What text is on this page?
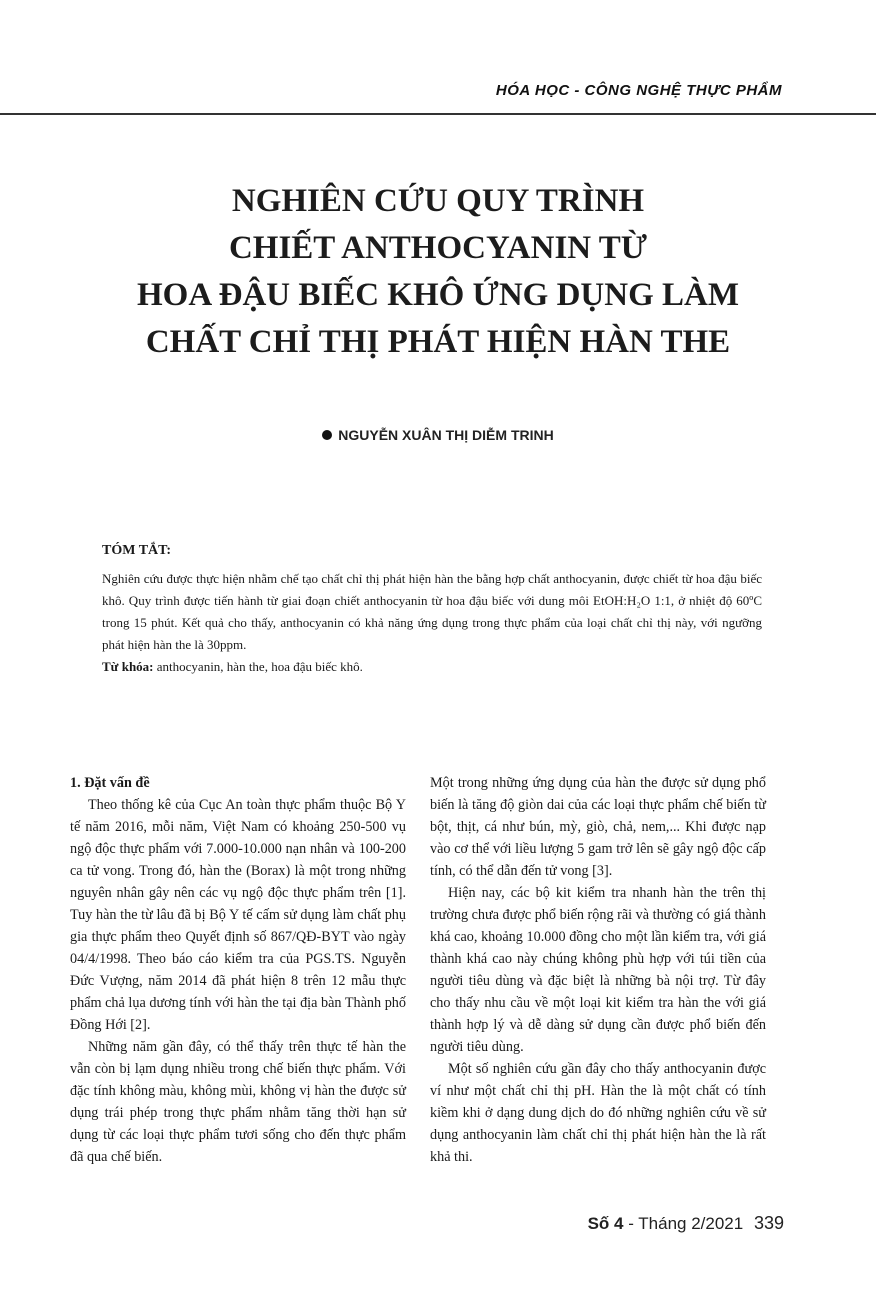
HÓA HỌC - CÔNG NGHỆ THỰC PHẨM
NGHIÊN CỨU QUY TRÌNH
CHIẾT ANTHOCYANIN TỪ
HOA ĐẬU BIẾC KHÔ ỨNG DỤNG LÀM
CHẤT CHỈ THỊ PHÁT HIỆN HÀN THE
NGUYỄN XUÂN THỊ DIỄM TRINH
TÓM TẮT:

Nghiên cứu được thực hiện nhằm chế tạo chất chỉ thị phát hiện hàn the bằng hợp chất anthocyanin, được chiết từ hoa đậu biếc khô. Quy trình được tiến hành từ giai đoạn chiết anthocyanin từ hoa đậu biếc với dung môi EtOH:H₂O 1:1, ở nhiệt độ 60ºC trong 15 phút. Kết quả cho thấy, anthocyanin có khả năng ứng dụng trong thực phẩm của loại chất chỉ thị này, với ngưỡng phát hiện hàn the là 30ppm.

Từ khóa: anthocyanin, hàn the, hoa đậu biếc khô.

1. Đặt vấn đề

Theo thống kê của Cục An toàn thực phẩm thuộc Bộ Y tế năm 2016, mỗi năm, Việt Nam có khoảng 250-500 vụ ngộ độc thực phẩm với 7.000-10.000 nạn nhân và 100-200 ca tử vong. Trong đó, hàn the (Borax) là một trong những nguyên nhân gây nên các vụ ngộ độc thực phẩm trên [1]. Tuy hàn the từ lâu đã bị Bộ Y tế cấm sử dụng làm chất phụ gia thực phẩm theo Quyết định số 867/QĐ-BYT vào ngày 04/4/1998. Theo báo cáo kiểm tra của PGS.TS. Nguyễn Đức Vượng, năm 2014 đã phát hiện 8 trên 12 mẫu thực phẩm chả lụa dương tính với hàn the tại địa bàn Thành phố Đồng Hới [2].

Những năm gần đây, có thể thấy trên thực tế hàn the vẫn còn bị lạm dụng nhiều trong chế biến thực phẩm. Với đặc tính không màu, không mùi, không vị hàn the được sử dụng trái phép trong thực phẩm nhằm tăng thời hạn sử dụng từ các loại thực phẩm tươi sống cho đến thực phẩm đã qua chế biến.

Một trong những ứng dụng của hàn the được sử dụng phổ biến là tăng độ giòn dai của các loại thực phẩm chế biến từ bột, thịt, cá như bún, mỳ, giò, chả, nem,... Khi được nạp vào cơ thể với liều lượng 5 gam trở lên sẽ gây ngộ độc cấp tính, có thể dẫn đến tử vong [3].

Hiện nay, các bộ kit kiểm tra nhanh hàn the trên thị trường chưa được phổ biến rộng rãi và thường có giá thành khá cao, khoảng 10.000 đồng cho một lần kiểm tra, với giá thành khá cao này chúng không phù hợp với túi tiền của người tiêu dùng và đặc biệt là những bà nội trợ. Từ đây cho thấy nhu cầu về một loại kit kiểm tra hàn the với giá thành hợp lý và dễ dàng sử dụng cần được phổ biến đến người tiêu dùng.

Một số nghiên cứu gần đây cho thấy anthocyanin được ví như một chất chỉ thị pH. Hàn the là một chất có tính kiềm khi ở dạng dung dịch do đó những nghiên cứu về sử dụng anthocyanin làm chất chỉ thị phát hiện hàn the là rất khả thi.

Số 4 - Tháng 2/2021 339
